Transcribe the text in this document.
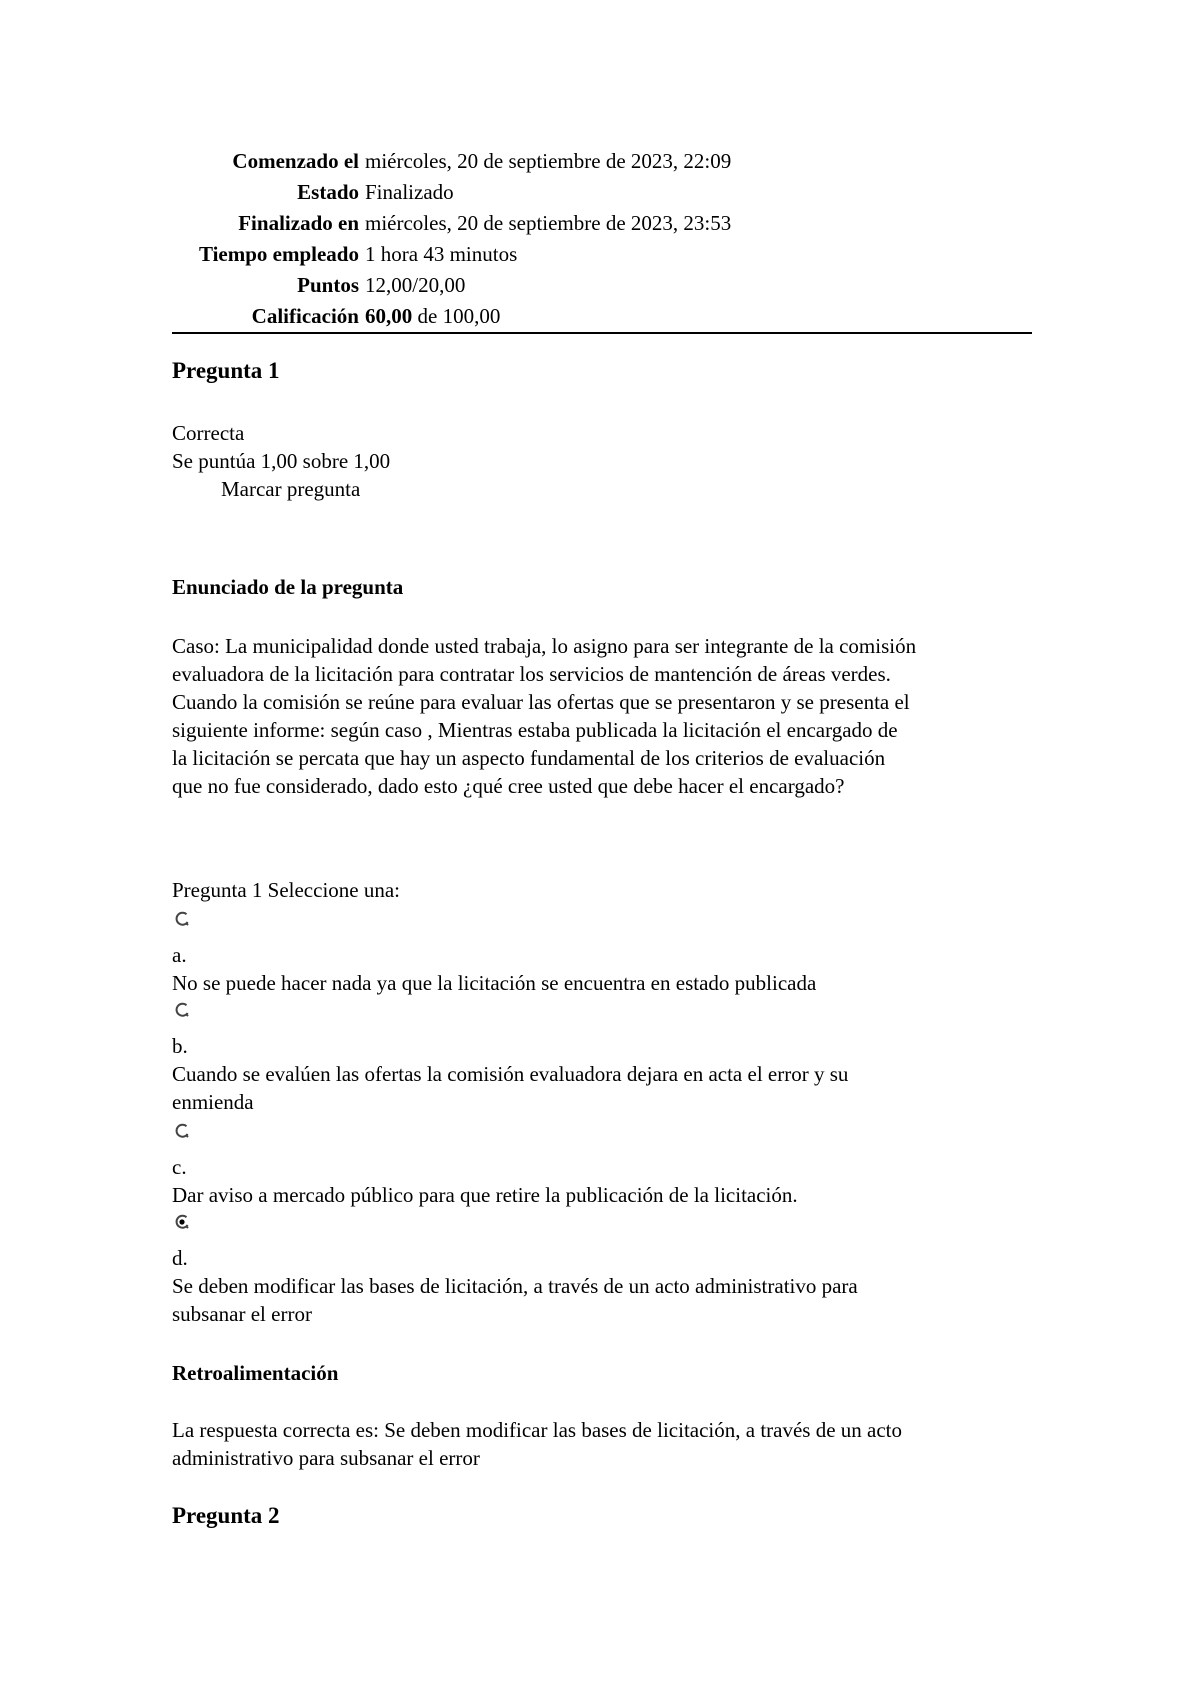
Comenzado el	miércoles, 20 de septiembre de 2023, 22:09
Estado	Finalizado
Finalizado en	miércoles, 20 de septiembre de 2023, 23:53
Tiempo empleado	1 hora 43 minutos
Puntos	12,00/20,00
Calificación	60,00 de 100,00
Pregunta 1
Correcta
Se puntúa 1,00 sobre 1,00
Marcar pregunta
Enunciado de la pregunta
Caso: La municipalidad donde usted trabaja, lo asigno para ser integrante de la comisión
evaluadora de la licitación para contratar los servicios de mantención de áreas verdes.
Cuando la comisión se reúne para evaluar las ofertas que se presentaron y se presenta el
siguiente informe: según caso , Mientras estaba publicada la licitación el encargado de
la licitación se percata que hay un aspecto fundamental de los criterios de evaluación
que no fue considerado, dado esto ¿qué cree usted que debe hacer el encargado?
Pregunta 1 Seleccione una:
a.
No se puede hacer nada ya que la licitación se encuentra en estado publicada
b.
Cuando se evalúen las ofertas la comisión evaluadora dejara en acta el error y su
enmienda
c.
Dar aviso a mercado público para que retire la publicación de la licitación.
d.
Se deben modificar las bases de licitación, a través de un acto administrativo para
subsanar el error
Retroalimentación
La respuesta correcta es: Se deben modificar las bases de licitación, a través de un acto
administrativo para subsanar el error
Pregunta 2
